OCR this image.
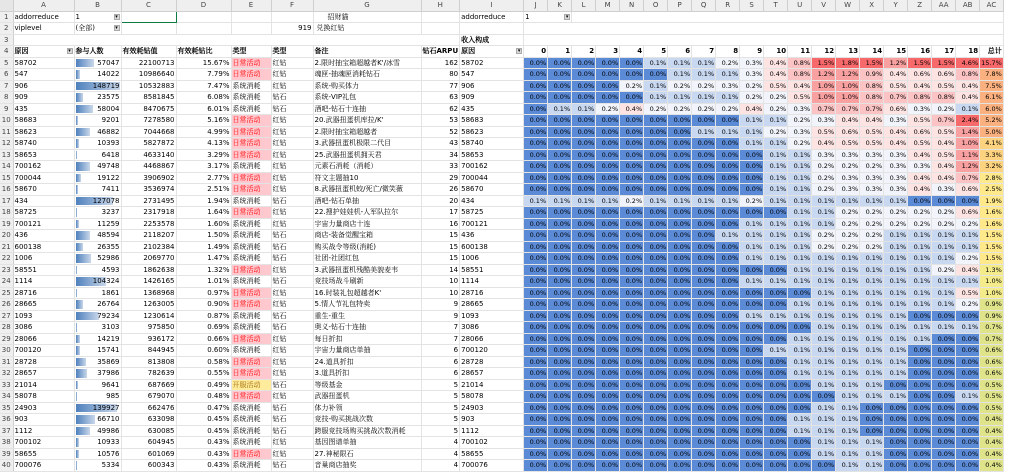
	A	B	C	D	E	F	G	H	I	J	K	L	M	N	O	P	Q	R	S	T	U	V	W	X	Y	Z	AA	AB	AC
1	addorreduce	1 ▾					招财貓		addorreduce	1 ▾																			

2	viplevel	(全部) ▾				919	兑换红钻																						
3									收入构成																				
4	原因 ▾	参与人数	有效耗钻值	有效耗钻比	类型	类型	备注	钻石ARPU	原因 ▾	0	1	2	3	4	5	6	7	8	9	10	11	12	13	14	15	16	17	18	总计
5	58702	57047	22100713	15.67%	日常活动	红钻	2.限时抽宝箱超越者K'/冰雪	162	58702	0.0%	0.0%	0.0%	0.0%	0.0%	0.1%	0.1%	0.1%	0.2%	0.3%	0.4%	0.8%	1.5%	1.8%	1.5%	1.2%	1.5%	1.5%	4.6%	15.7%
6	547	14022	10986640	7.79%	日常活动	红钻	魂匣-抽魂匣消耗钻石	80	547	0.0%	0.0%	0.0%	0.0%	0.0%	0.0%	0.1%	0.1%	0.1%	0.3%	0.4%	0.8%	1.2%	1.2%	0.9%	0.4%	0.6%	0.6%	0.8%	7.8%
7	906	148719	10532883	7.47%	系统消耗	红钻	系统-购买体力	77	906	0.0%	0.0%	0.0%	0.0%	0.2%	0.1%	0.2%	0.2%	0.3%	0.2%	0.5%	0.4%	1.0%	1.0%	0.8%	0.5%	0.4%	0.5%	0.4%	7.5%
8	909	23575	8581845	6.08%	系统消耗	钻石	系统-VIP礼包	63	909	0.0%	0.0%	0.0%	0.0%	0.0%	0.1%	0.1%	0.1%	0.1%	0.2%	0.2%	0.5%	1.0%	1.0%	0.8%	0.7%	0.8%	0.8%	0.4%	6.1%
9	435	58004	8470675	6.01%	系统消耗	钻石	酒吧-钻石十连抽	62	435	0.0%	0.1%	0.1%	0.2%	0.4%	0.2%	0.2%	0.2%	0.2%	0.4%	0.2%	0.3%	0.7%	0.7%	0.7%	0.6%	0.3%	0.2%	0.1%	6.0%
10	58683	9201	7278580	5.16%	日常活动	红钻	20.武器扭蛋机库拉/K'	53	58683	0.0%	0.0%	0.0%	0.0%	0.0%	0.0%	0.0%	0.0%	0.0%	0.1%	0.1%	0.2%	0.3%	0.4%	0.4%	0.3%	0.5%	0.7%	2.4%	5.2%
11	58623	46882	7044668	4.99%	日常活动	红钻	2.限时抽宝箱超越者	52	58623	0.0%	0.0%	0.0%	0.0%	0.0%	0.0%	0.0%	0.1%	0.1%	0.1%	0.2%	0.3%	0.5%	0.6%	0.5%	0.4%	0.6%	0.5%	1.4%	5.0%
12	58740	10393	5827872	4.13%	日常活动	红钻	3.武器扭蛋机极限二代目	43	58740	0.0%	0.0%	0.0%	0.0%	0.0%	0.0%	0.0%	0.0%	0.0%	0.1%	0.1%	0.2%	0.4%	0.5%	0.5%	0.4%	0.5%	0.4%	1.0%	4.1%
13	58653	6418	4633140	3.29%	日常活动	红钻	25.武器扭蛋机拥天君	34	58653	0.0%	0.0%	0.0%	0.0%	0.0%	0.0%	0.0%	0.0%	0.0%	0.0%	0.1%	0.1%	0.3%	0.3%	0.3%	0.3%	0.4%	0.5%	1.1%	3.3%
14	700162	49748	4468867	3.17%	系统消耗	红钻	元素石消耗（消耗）	33	700162	0.0%	0.0%	0.0%	0.0%	0.0%	0.0%	0.0%	0.0%	0.0%	0.0%	0.1%	0.1%	0.2%	0.2%	0.2%	0.3%	0.3%	0.4%	1.2%	3.2%
15	700044	19122	3906902	2.77%	日常活动	红钻	符文主题抽10	29	700044	0.0%	0.0%	0.0%	0.0%	0.0%	0.0%	0.0%	0.0%	0.0%	0.0%	0.1%	0.1%	0.2%	0.3%	0.3%	0.3%	0.4%	0.4%	0.7%	2.8%
16	58670	7411	3536974	2.51%	日常活动	红钻	8.武器扭蛋机蛟/死亡/微笑薇	26	58670	0.0%	0.0%	0.0%	0.0%	0.0%	0.0%	0.0%	0.0%	0.0%	0.0%	0.1%	0.1%	0.2%	0.3%	0.3%	0.3%	0.4%	0.3%	0.6%	2.5%
17	434	127078	2731495	1.94%	系统消耗	钻石	酒吧-钻石单抽	20	434	0.1%	0.1%	0.1%	0.1%	0.2%	0.1%	0.1%	0.1%	0.1%	0.2%	0.1%	0.1%	0.1%	0.1%	0.1%	0.1%	0.0%	0.0%	0.0%	1.9%
18	58725	3237	2317918	1.64%	日常活动	红钻	22.搜护娃娃机-人军队拉尔	17	58725	0.0%	0.0%	0.0%	0.0%	0.0%	0.0%	0.0%	0.0%	0.0%	0.0%	0.0%	0.1%	0.1%	0.2%	0.2%	0.2%	0.2%	0.2%	0.6%	1.6%
19	700121	11259	2253578	1.60%	系统消耗	红钻	宇宙力量商店十连	16	700121	0.0%	0.0%	0.0%	0.0%	0.0%	0.0%	0.0%	0.0%	0.0%	0.1%	0.1%	0.1%	0.1%	0.2%	0.2%	0.2%	0.2%	0.2%	0.2%	1.6%
20	436	48594	2118207	1.50%	系统消耗	钻石	商店-装备觉醒宝箱	15	436	0.0%	0.0%	0.0%	0.0%	0.0%	0.0%	0.0%	0.0%	0.1%	0.1%	0.1%	0.1%	0.2%	0.2%	0.2%	0.1%	0.1%	0.1%	0.1%	1.5%
21	600138	26355	2102384	1.49%	系统消耗	钻石	购买战令等级(消耗)	15	600138	0.0%	0.0%	0.0%	0.0%	0.0%	0.0%	0.0%	0.0%	0.0%	0.1%	0.1%	0.1%	0.2%	0.2%	0.2%	0.1%	0.1%	0.1%	0.1%	1.5%
22	1006	52986	2069770	1.47%	系统消耗	钻石	社团-社团红包	15	1006	0.0%	0.0%	0.0%	0.0%	0.0%	0.0%	0.0%	0.0%	0.0%	0.1%	0.1%	0.1%	0.1%	0.1%	0.1%	0.1%	0.1%	0.1%	0.2%	1.5%
23	58551	4593	1862638	1.32%	日常活动	红钻	3.武器扭蛋机残酷美貌麦韦	14	58551	0.0%	0.0%	0.0%	0.0%	0.0%	0.0%	0.0%	0.0%	0.0%	0.0%	0.0%	0.1%	0.1%	0.1%	0.1%	0.1%	0.1%	0.2%	0.4%	1.3%
24	1114	104324	1426165	1.01%	系统消耗	钻石	竞技场战斗刷新	10	1114	0.0%	0.0%	0.0%	0.0%	0.0%	0.0%	0.0%	0.0%	0.0%	0.1%	0.1%	0.1%	0.1%	0.1%	0.1%	0.1%	0.1%	0.1%	0.1%	1.0%
25	28716	1861	1368968	0.97%	日常活动	红钻	16.时装礼包超越者K'	10	28716	0.0%	0.0%	0.0%	0.0%	0.0%	0.0%	0.0%	0.0%	0.0%	0.0%	0.0%	0.0%	0.1%	0.1%	0.1%	0.1%	0.1%	0.1%	0.5%	1.0%
26	28665	26764	1263005	0.90%	日常活动	红钻	5.情人节礼包特卖	9	28665	0.0%	0.0%	0.0%	0.0%	0.0%	0.0%	0.0%	0.0%	0.0%	0.0%	0.0%	0.1%	0.1%	0.1%	0.1%	0.1%	0.1%	0.1%	0.2%	0.9%
27	1093	79234	1230614	0.87%	系统消耗	钻石	重生-重生	9	1093	0.0%	0.0%	0.0%	0.0%	0.0%	0.0%	0.0%	0.0%	0.0%	0.1%	0.1%	0.1%	0.1%	0.1%	0.1%	0.1%	0.0%	0.0%	0.0%	0.9%
28	3086	3103	975850	0.69%	系统消耗	钻石	奥义-钻石十连抽	7	3086	0.0%	0.0%	0.0%	0.0%	0.0%	0.0%	0.0%	0.0%	0.0%	0.0%	0.0%	0.0%	0.1%	0.1%	0.1%	0.1%	0.1%	0.1%	0.1%	0.7%
29	28066	14219	936172	0.66%	日常活动	红钻	每日折扣	7	28066	0.0%	0.0%	0.0%	0.0%	0.0%	0.0%	0.0%	0.0%	0.0%	0.0%	0.0%	0.1%	0.1%	0.1%	0.1%	0.1%	0.1%	0.0%	0.0%	0.7%
30	700120	15741	844945	0.60%	系统消耗	红钻	宇宙力量商店单抽	6	700120	0.0%	0.0%	0.0%	0.0%	0.0%	0.0%	0.0%	0.0%	0.0%	0.0%	0.1%	0.1%	0.1%	0.1%	0.1%	0.1%	0.0%	0.0%	0.0%	0.6%
31	28728	35869	813808	0.58%	日常活动	红钻	24.道具折扣	6	28728	0.0%	0.0%	0.0%	0.0%	0.0%	0.0%	0.0%	0.0%	0.0%	0.0%	0.0%	0.1%	0.1%	0.1%	0.1%	0.1%	0.0%	0.0%	0.0%	0.6%
32	28657	37986	782639	0.55%	日常活动	红钻	3.道具折扣	6	28657	0.0%	0.0%	0.0%	0.0%	0.0%	0.0%	0.0%	0.0%	0.0%	0.0%	0.0%	0.1%	0.1%	0.1%	0.1%	0.1%	0.0%	0.0%	0.0%	0.6%
33	21014	9641	687669	0.49%	开服活动	钻石	等级基金	5	21014	0.0%	0.0%	0.0%	0.0%	0.0%	0.0%	0.0%	0.0%	0.0%	0.0%	0.0%	0.0%	0.1%	0.1%	0.1%	0.0%	0.0%	0.0%	0.0%	0.5%
34	58078	985	679070	0.48%	日常活动	红钻	武器扭蛋机	5	58078	0.0%	0.0%	0.0%	0.0%	0.0%	0.0%	0.0%	0.0%	0.0%	0.0%	0.0%	0.0%	0.0%	0.1%	0.1%	0.1%	0.0%	0.0%	0.1%	0.5%
35	24903	139927	662476	0.47%	系统消耗	钻石	体力补领	5	24903	0.0%	0.0%	0.0%	0.0%	0.0%	0.0%	0.0%	0.0%	0.0%	0.0%	0.0%	0.0%	0.1%	0.1%	0.0%	0.0%	0.0%	0.0%	0.0%	0.5%
36	903	66710	633098	0.45%	系统消耗	钻石	竞技-购买挑战次数	5	903	0.0%	0.0%	0.0%	0.0%	0.0%	0.0%	0.0%	0.0%	0.0%	0.0%	0.0%	0.1%	0.1%	0.1%	0.0%	0.0%	0.0%	0.0%	0.0%	0.4%
37	1112	49986	630085	0.45%	系统消耗	钻石	跨服竞技场购买挑战次数消耗	5	1112	0.0%	0.0%	0.0%	0.0%	0.0%	0.0%	0.0%	0.0%	0.0%	0.0%	0.0%	0.1%	0.1%	0.1%	0.0%	0.0%	0.0%	0.0%	0.0%	0.4%
38	700102	10933	604945	0.43%	系统消耗	红钻	基因图谱单抽	4	700102	0.0%	0.0%	0.0%	0.0%	0.0%	0.0%	0.0%	0.0%	0.0%	0.0%	0.0%	0.0%	0.1%	0.1%	0.1%	0.0%	0.0%	0.0%	0.0%	0.4%
39	58655	10576	601069	0.43%	日常活动	红钻	27.神秘限石	4	58655	0.0%	0.0%	0.0%	0.0%	0.0%	0.0%	0.0%	0.0%	0.0%	0.0%	0.0%	0.0%	0.1%	0.1%	0.1%	0.0%	0.0%	0.0%	0.0%	0.4%
40	700076	5334	600343	0.43%	系统消耗	钻石	音巢商店抽奖	4	700076	0.0%	0.0%	0.0%	0.0%	0.0%	0.0%	0.0%	0.0%	0.0%	0.0%	0.0%	0.0%	0.0%	0.1%	0.1%	0.0%	0.0%	0.0%	0.0%	0.4%
